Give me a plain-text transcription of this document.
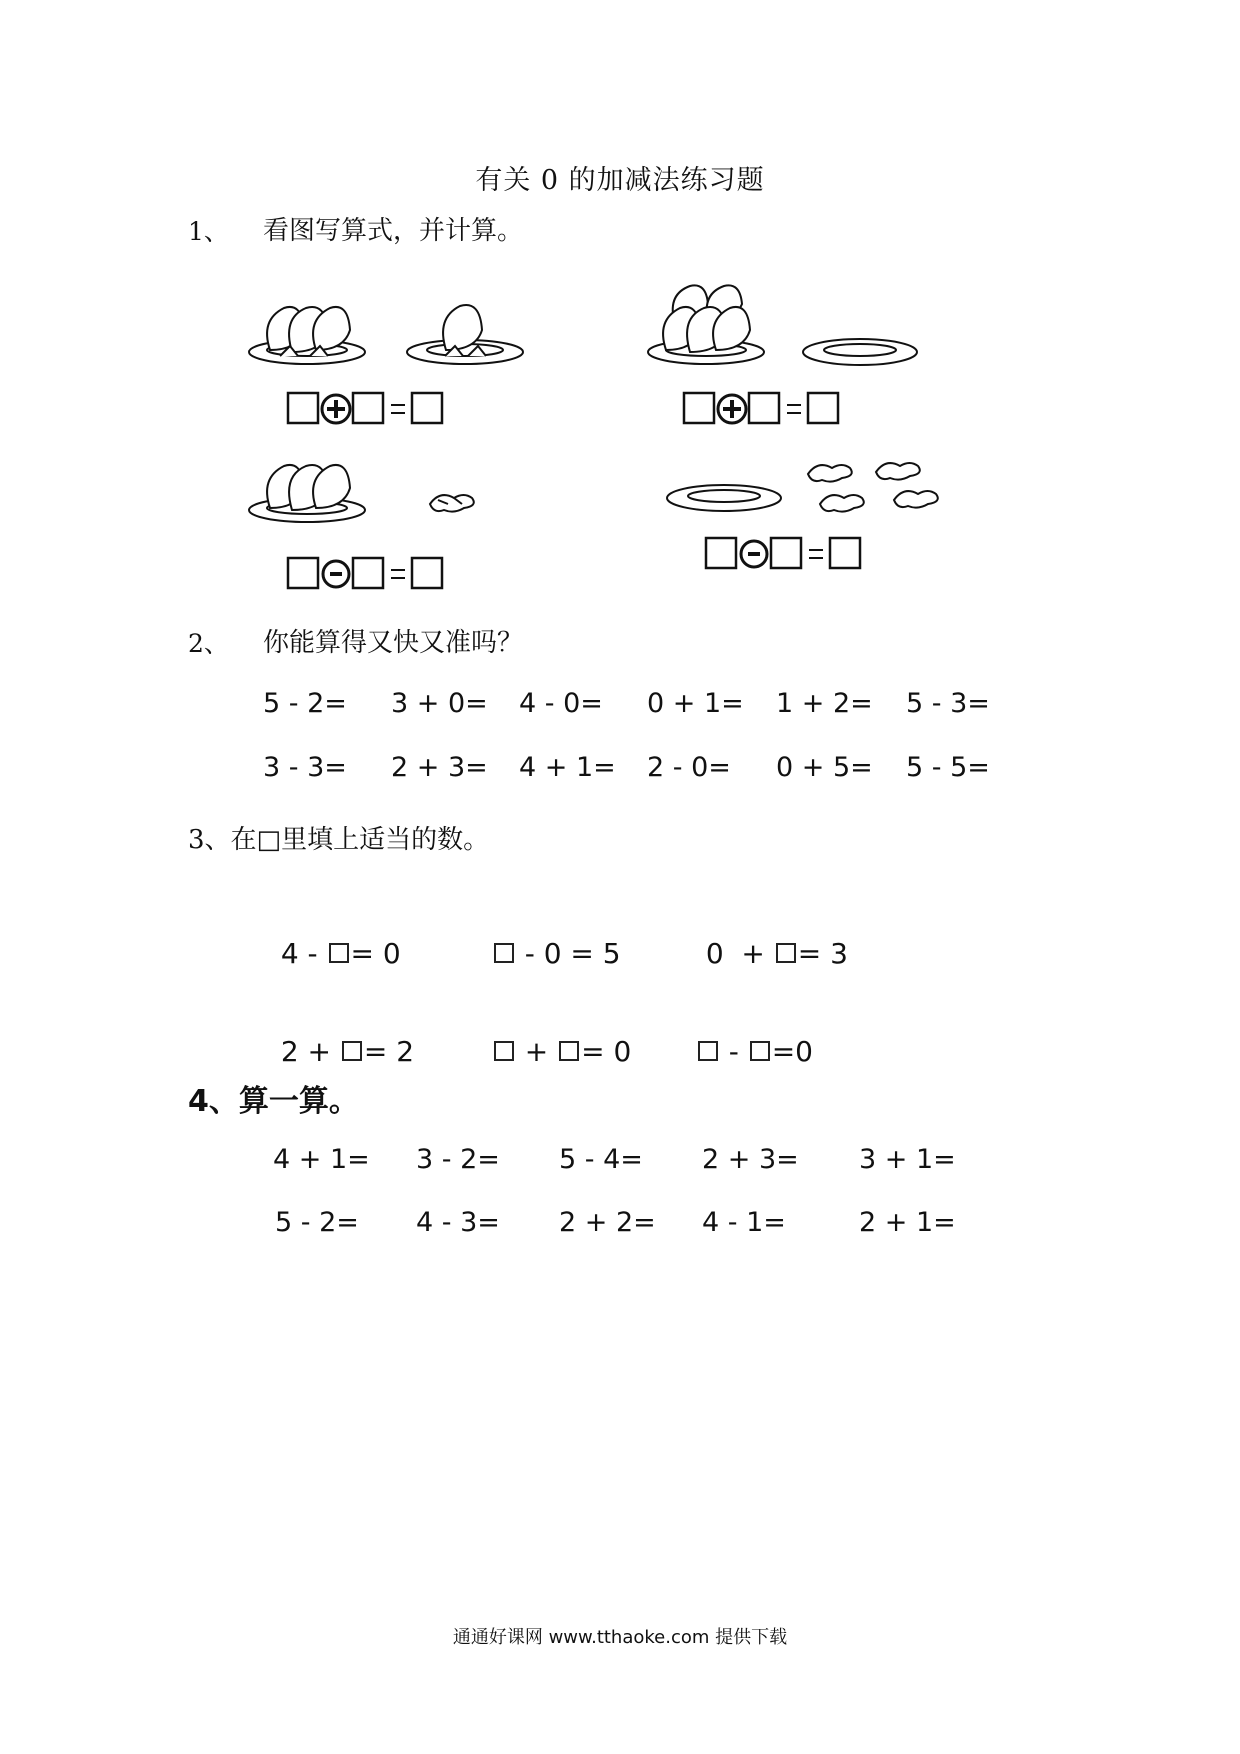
有关 0 的加减法练习题
1、 看图写算式，并计算。
2、 你能算得又快又准吗？
5 - 2= 3 + 0= 4 - 0= 0 + 1= 1 + 2= 5 - 3=
3 - 3= 2 + 3= 4 + 1= 2 - 0= 0 + 5= 5 - 5=
3、在□里填上适当的数。

4 - = 0	- 0 = 5	0  + = 3

2 + = 2	+ = 0	- =0

4、算一算。
4 + 1= 3 - 2= 5 - 4= 2 + 3= 3 + 1=
5 - 2= 4 - 3= 2 + 2= 4 - 1=	2 + 1=
通通好课网 www.tthaoke.com 提供下载
